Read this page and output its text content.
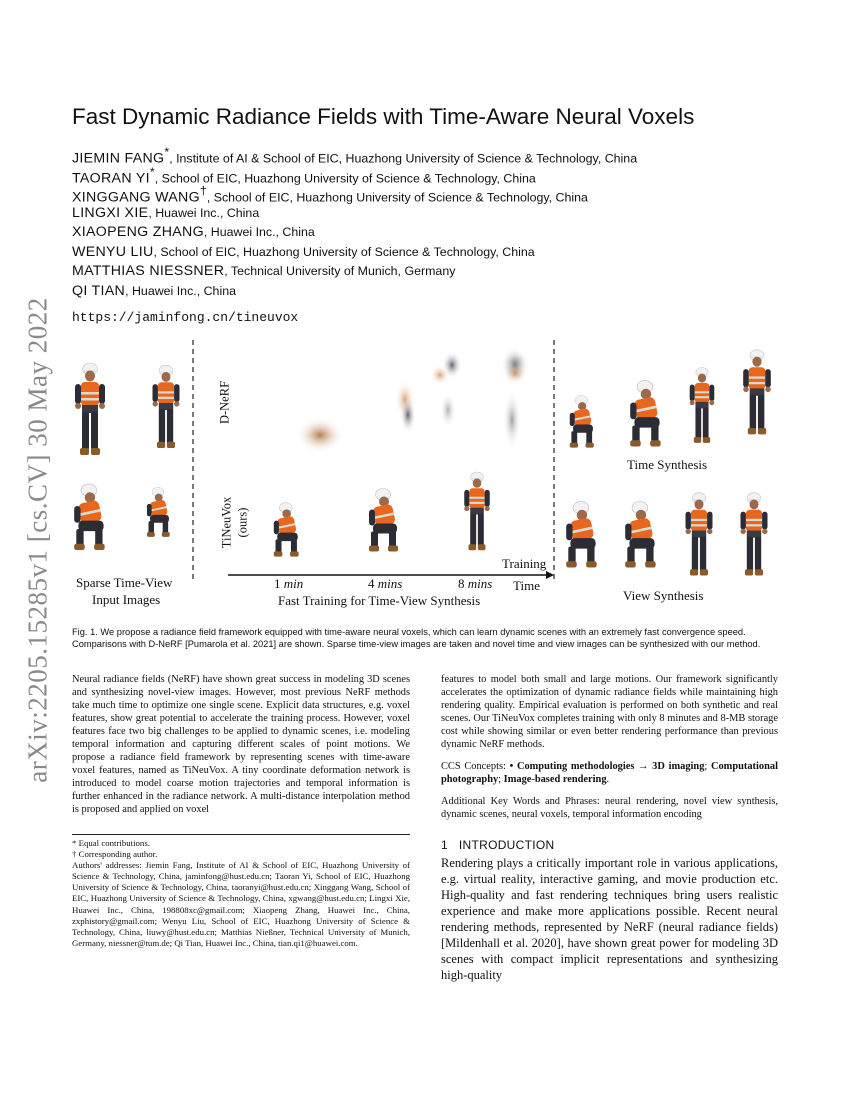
arXiv:2205.15285v1 [cs.CV] 30 May 2022
Fast Dynamic Radiance Fields with Time-Aware Neural Voxels
JIEMIN FANG*, Institute of AI & School of EIC, Huazhong University of Science & Technology, China
TAORAN YI*, School of EIC, Huazhong University of Science & Technology, China
XINGGANG WANG†, School of EIC, Huazhong University of Science & Technology, China
LINGXI XIE, Huawei Inc., China
XIAOPENG ZHANG, Huawei Inc., China
WENYU LIU, School of EIC, Huazhong University of Science & Technology, China
MATTHIAS NIESSNER, Technical University of Munich, Germany
QI TIAN, Huawei Inc., China
https://jaminfong.cn/tineuvox
Sparse Time-View
Input Images
D-NeRF
TiNeuVox (ours)
1 min	4 mins	8 mins
Training
Time
Fast Training for Time-View Synthesis
Time Synthesis
View Synthesis
Fig. 1. We propose a radiance field framework equipped with time-aware neural voxels, which can learn dynamic scenes with an extremely fast convergence speed. Comparisons with D-NeRF [Pumarola et al. 2021] are shown. Sparse time-view images are taken and novel time and view images can be synthesized with our method.

Neural radiance fields (NeRF) have shown great success in modeling 3D scenes and synthesizing novel-view images. However, most previous NeRF methods take much time to optimize one single scene. Explicit data structures, e.g. voxel features, show great potential to accelerate the training process. However, voxel features face two big challenges to be applied to dynamic scenes, i.e. modeling temporal information and capturing different scales of point motions. We propose a radiance field framework by representing scenes with time-aware voxel features, named as TiNeuVox. A tiny coordinate deformation network is introduced to model coarse motion trajectories and temporal information is further enhanced in the radiance network. A multi-distance interpolation method is proposed and applied on voxel

features to model both small and large motions. Our framework significantly accelerates the optimization of dynamic radiance fields while maintaining high rendering quality. Empirical evaluation is performed on both synthetic and real scenes. Our TiNeuVox completes training with only 8 minutes and 8-MB storage cost while showing similar or even better rendering performance than previous dynamic NeRF methods.

CCS Concepts: • Computing methodologies → 3D imaging; Computational photography; Image-based rendering.

Additional Key Words and Phrases: neural rendering, novel view synthesis, dynamic scenes, neural voxels, temporal information encoding

* Equal contributions.
† Corresponding author.
Authors' addresses: Jiemin Fang, Institute of AI & School of EIC, Huazhong University of Science & Technology, China, jaminfong@hust.edu.cn; Taoran Yi, School of EIC, Huazhong University of Science & Technology, China, taoranyi@hust.edu.cn; Xinggang Wang, School of EIC, Huazhong University of Science & Technology, China, xgwang@hust.edu.cn; Lingxi Xie, Huawei Inc., China, 198808xc@gmail.com; Xiaopeng Zhang, Huawei Inc., China, zxphistory@gmail.com; Wenyu Liu, School of EIC, Huazhong University of Science & Technology, China, liuwy@hust.edu.cn; Matthias Nießner, Technical University of Munich, Germany, niessner@tum.de; Qi Tian, Huawei Inc., China, tian.qi1@huawei.com.
1 INTRODUCTION
Rendering plays a critically important role in various applications, e.g. virtual reality, interactive gaming, and movie production etc. High-quality and fast rendering techniques bring users realistic experience and make more applications possible. Recent neural rendering methods, represented by NeRF (neural radiance fields) [Mildenhall et al. 2020], have shown great power for modeling 3D scenes with compact implicit representations and synthesizing high-quality
